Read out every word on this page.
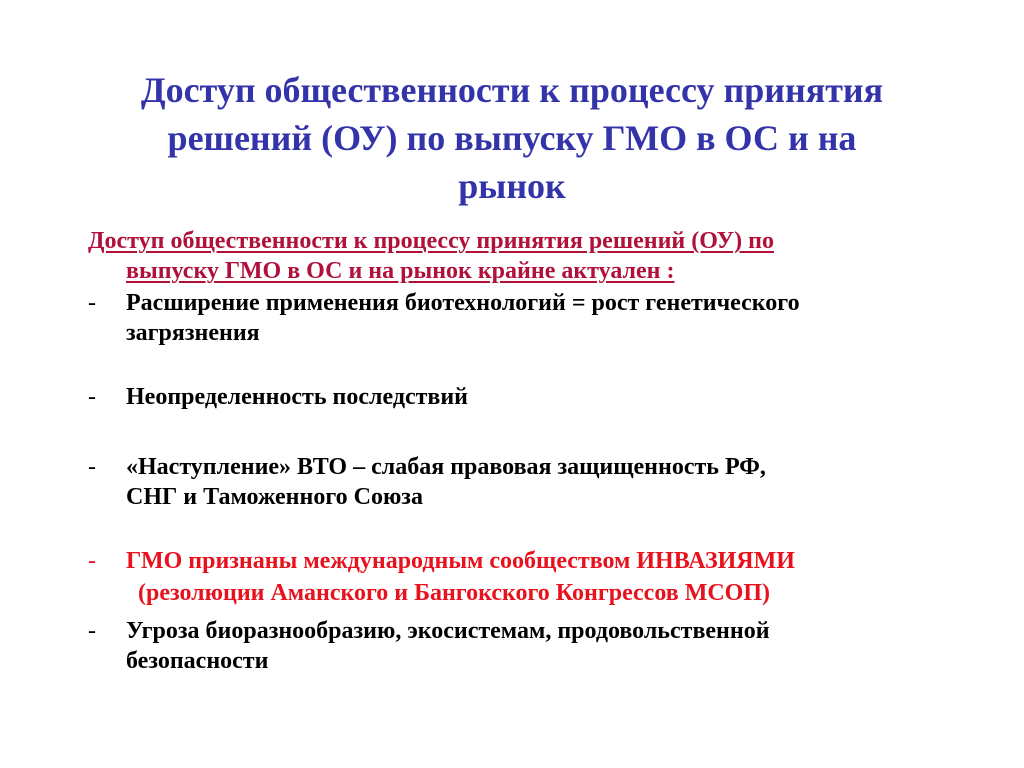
Доступ общественности к процессу принятия
решений (ОУ) по выпуску ГМО в ОС и на
рынок
Доступ общественности к процессу принятия решений (ОУ) по
выпуску ГМО в ОС и на рынок крайне актуален :
- Расширение применения биотехнологий = рост генетического
загрязнения
- Неопределенность последствий
- «Наступление» ВТО – слабая правовая защищенность РФ,
СНГ и Таможенного Союза
- ГМО признаны международным сообществом ИНВАЗИЯМИ
(резолюции Аманского и Бангокского Конгрессов МСОП)
- Угроза биоразнообразию, экосистемам, продовольственной
безопасности
